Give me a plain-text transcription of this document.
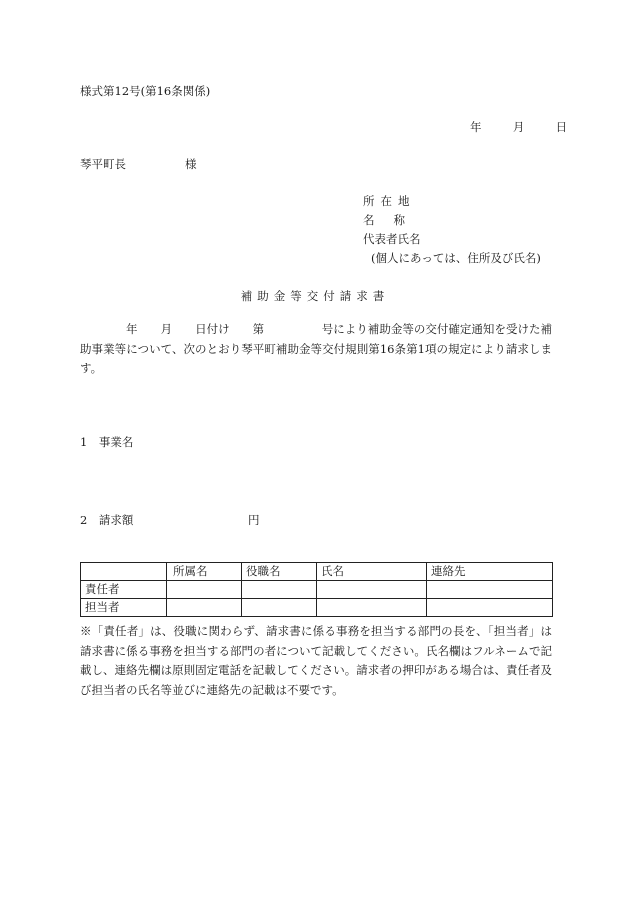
様式第12号(第16条関係)
年	月	日
琴平町長	様
所在地
名称
代表者氏名
(個人にあっては、住所及び氏名)
補助金等交付請求書
　　　　年　　月　　日付け　　第　　　　　号により補助金等の交付確定通知を受けた補助事業等について、次のとおり琴平町補助金等交付規則第16条第1項の規定により請求します。
1　事業名
2　請求額	円
	所属名	役職名	氏名	連絡先
責任者				
担当者				
※「責任者」は、役職に関わらず、請求書に係る事務を担当する部門の長を、「担当者」は請求書に係る事務を担当する部門の者について記載してください。氏名欄はフルネームで記載し、連絡先欄は原則固定電話を記載してください。請求者の押印がある場合は、責任者及び担当者の氏名等並びに連絡先の記載は不要です。
